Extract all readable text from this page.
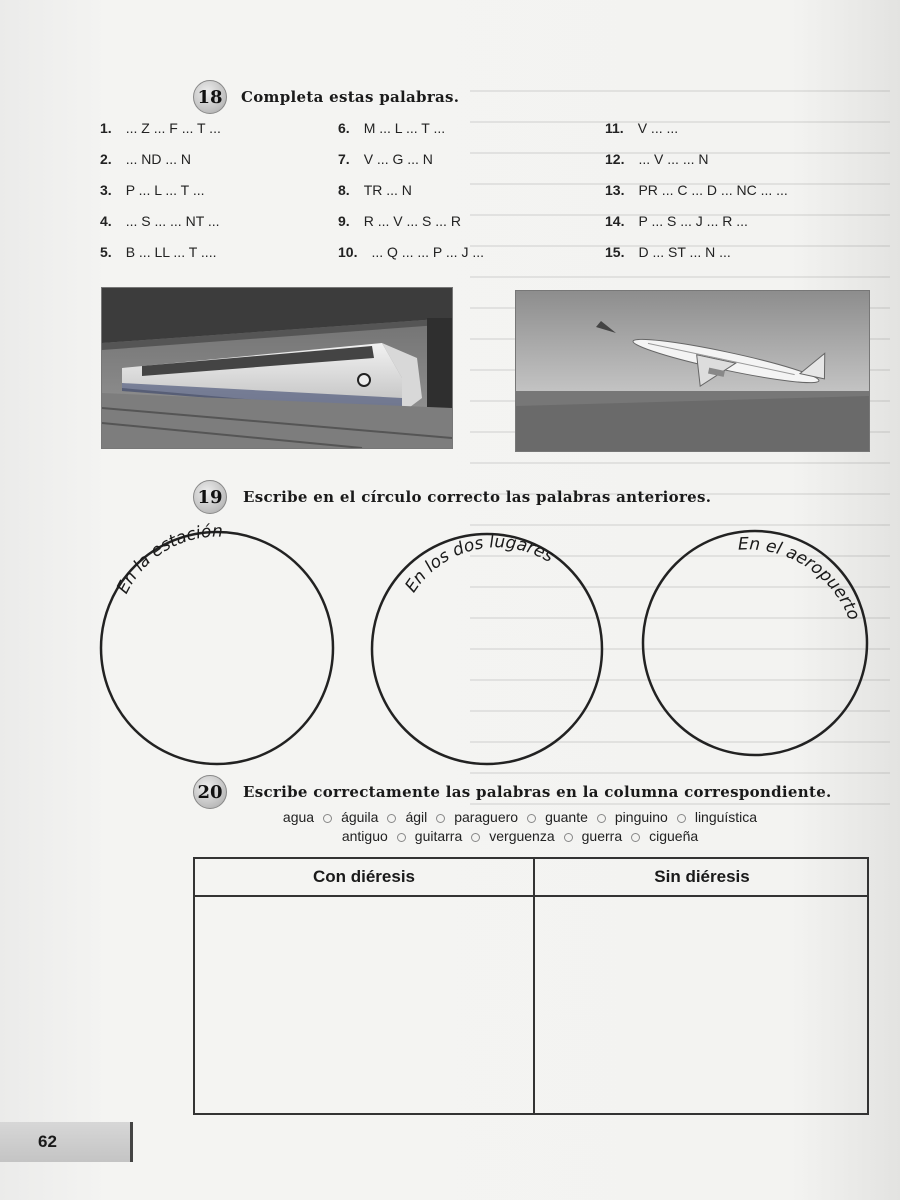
18 Completa estas palabras.
1. ... Z ... F ... T ...
2. ... ND ... N
3. P ... L ... T ...
4. ... S ... ... NT ...
5. B ... LL ... T ....
6. M ... L ... T ...
7. V ... G ... N
8. TR ... N
9. R ... V ... S ... R
10. ... Q ... ... P ... J ...
11. V ... ...
12. ... V ... ... N
13. PR ... C ... D ... NC ... ...
14. P ... S ... J ... R ...
15. D ... ST ... N ...
19 Escribe en el círculo correcto las palabras anteriores.
En la estación
En los dos lugares
En el aeropuerto
20 Escribe correctamente las palabras en la columna correspondiente.
agua águila ágil paraguero guante pinguino linguística
antiguo guitarra verguenza guerra cigueña
Con diéresis	Sin diéresis
62
